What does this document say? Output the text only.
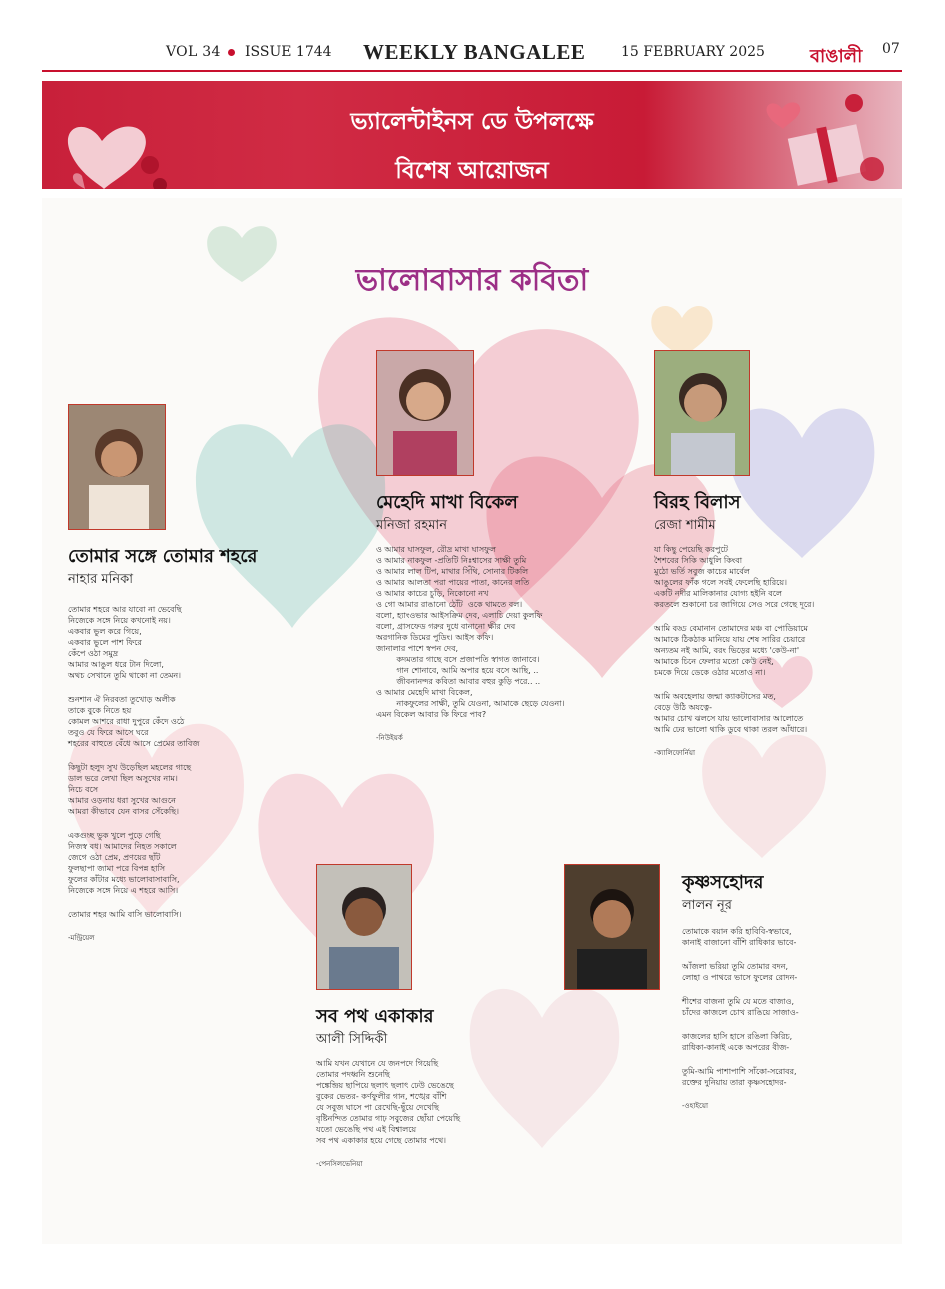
VOL 34 ISSUE 1744 WEEKLY BANGALEE	15 FEBRUARY 2025	বাঙালী 07
ভ্যালেন্টাইনস ডে উপলক্ষে
বিশেষ আয়োজন
ভালোবাসার কবিতা
তোমার সঙ্গে তোমার শহরে
নাহার মনিকা
তোমার শহরে আর যাবো না ভেবেছি
নিজেকে সঙ্গে নিয়ে কখনোই নয়।
একবার ভুল করে গিয়ে,
একবার ভুলে পাশ ফিরে
কেঁপে ওঠা সমুদ্র
আমার আঙুল ধরে টান দিলো,
অথচ সেখানে তুমি থাকো না তেমন।
শুনশান ঐ নিরবতা তুখোড় অলীক
তাকে বুকে নিতে হয়
কোমল আশরে রাধা দুপুরে কেঁদে ওঠে
তবুও যে ফিরে আসে ঘরে
শহরের বাহুতে বেঁধে আসে প্রেমের তাবিজ
কিছুটা হলুদ সুখ উড়েছিল মহলের গাছে
ডাল ভরে লেখা ছিল অসুখের নাম।
নিচে বসে
আমার ওড়নায় ধরা সুখের আগুনে
আমরা কীভাবে যেন বাসর সেঁকেছি।
একগুচ্ছ ভুক খুলে পুড়ে গেছি
নিজস্ব বধ। আমাদের নিহত সকালে
জেগে ওঠা প্রেম, প্রণয়ের ছাঁট
ফুলছাপা জামা পরে বিপন্ন হাসি
ফুলের কাঁটার মধ্যে ভালোবাসাবাসি,
নিজেকে সঙ্গে নিয়ে এ শহরে আসি।
তোমার শহর আমি বাসি ভালোবাসি।
-মন্ট্রিয়েল
মেহেদি মাখা বিকেল
মনিজা রহমান
ও আমার ঘাসফুল, রৌদ্র মাখা ঘাসফুল
ও আমার নাকফুল -প্রতিটি নিঃশ্বাসের সাক্ষী তুমি
ও আমার লাল টিপ, মাথার সিঁথি, সোনার টিকলি
ও আমার আলতা পরা পায়ের পাতা, কানের লতি
ও আমার কাচের চুড়ি, নিকোনো নখ
ও গো আমার রাঙানো ঠোঁট  ওকে থামতে বল।
বলো, হ্যাংওভার আইসক্রিম দেব, এলাচি দেয়া কুলফি
বলো, গ্রাসফেড গরুর দুধে বানানো ক্ষীর দেব
অরগানিক ডিমের পুডিং। আইস কফি।
জানালার পাশে স্বপন দেব,
কদমতার গাছে বসে প্রজাপতি স্বাগত জানাবে।
গান শোনাবে, আমি অপার হয়ে বসে আছি, ..
জীবনানন্দর কবিতা আবার বহুর কুড়ি পরে.. ..
ও আমার মেহেদি মাখা বিকেল,
নাকফুলের সাক্ষী, তুমি যেওনা, আমাকে ছেড়ে যেওনা।
এমন বিকেল আবার কি ফিরে পাব?
-নিউইয়র্ক
বিরহ বিলাস
রেজা শামীম
যা কিছু পেয়েছি করপুটে
শৈশবের সিকি আধুলি কিংবা
মুঠো ভর্তি সবুজ কাচের মার্বেল
আঙুলের ফাঁক গলে সবই ফেলেছি হারিয়ে।
একটি নদীর মালিকানার যোগ্য হইনি বলে
করতলে শুকানো চর জাগিয়ে সেও সরে গেছে দূরে।
আমি বড্ড বেমানান তোমাদের মঞ্চ বা পোডিয়ামে
আমাকে ঠিকঠাক মানিয়ে যায় শেষ সারির চেয়ারে
অন্যতম নই আমি, বরং ভিড়ের মধ্যে 'কেউ-না'
আমাকে চিনে ফেলার মতো কেউ নেই,
চমকে দিয়ে ডেকে ওঠার মতোও না।
আমি অবহেলায় জন্মা ক্যাকটাসের মত,
বেড়ে উঠি অযত্নে-
আমার চোখ ঝলসে যায় ভালোবাসার আলোতে
আমি ঢের ভালো থাকি ডুবে থাকা তরল আঁধারে।
-ক্যালিফোর্নিয়া
সব পথ একাকার
আলী সিদ্দিকী
আমি যখন যেখানে যে জনপদে গিয়েছি
তোমার পদধ্বনি শুনেছি
পঙ্কেন্দ্রিয় ছাপিয়ে ছলাৎ ছলাৎ ঢেউ ভেঙেছে
বুকের ভেতর- কর্ণফুলীর গান, শঙ্খের বাঁশি
যে সবুজ ঘাসে পা রেখেছি-ছুঁয়ে দেখেছি
বৃষ্টিনন্দিত তোমার গাঢ় সবুজের ছোঁয়া পেয়েছি
যতো ভেঙেছি পথ এই বিশ্বালয়ে
সব পথ একাকার হয়ে গেছে তোমার পথে।
-পেনসিলভেনিয়া
কৃষ্ণসহোদর
লালন নূর
তোমাকে বয়ান করি হাবিবি-স্বভাবে,
কানাই বাজানো বাঁশি রাধিকার ভাবে-
আঁজলা ভরিয়া তুমি তোমার বদন,
লোহা ও পাথরে ভাসে ফুলের রোদন-
শীশের বাজনা তুমি যে মতে বাজাও,
চাঁদের কাজলে চোখ রাঙিয়ে সাজাও-
কাজলের হাসি হাসে রঙিলা কিরিচ,
রাধিকা-কানাই একে অপরের বীজ-
তুমি-আমি পাশাপাশি সাঁকো-সরোবর,
রক্তের দুনিয়ায় তারা কৃষ্ণসহোদর-
-ওহাইয়ো
